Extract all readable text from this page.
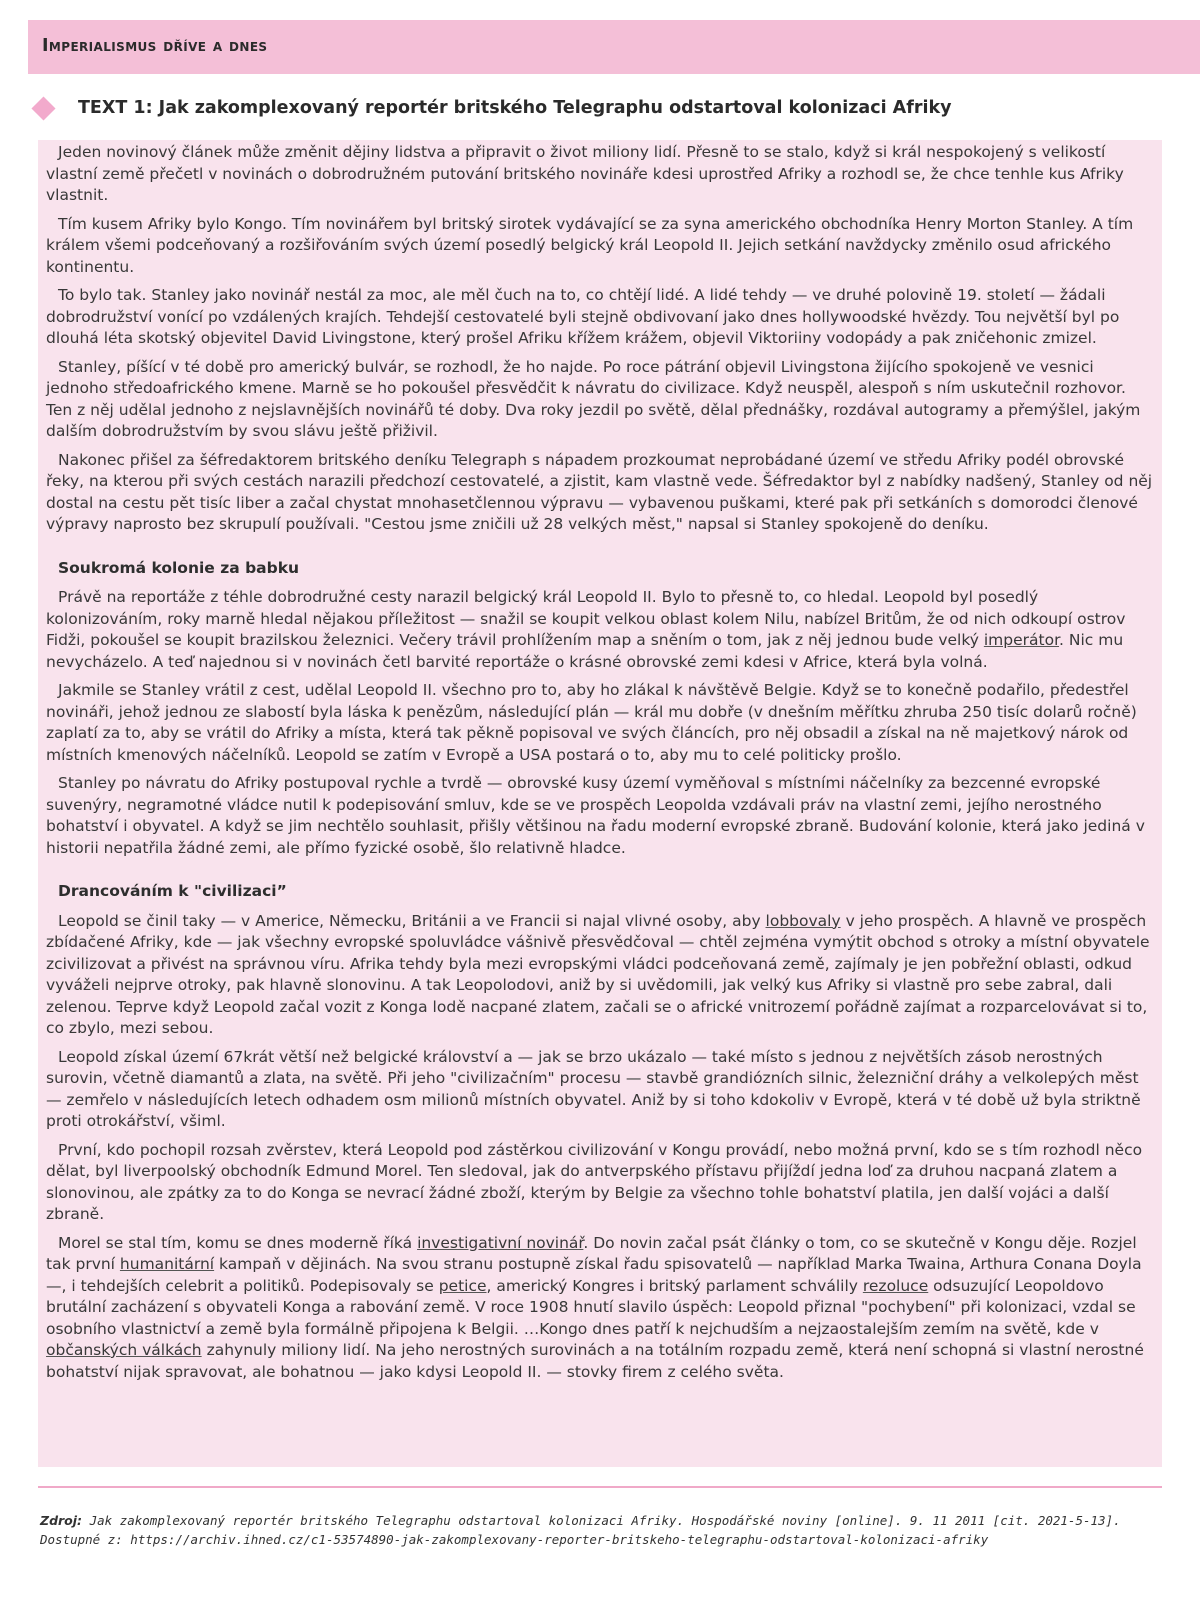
Imperialismus dříve a dnes
TEXT 1: Jak zakomplexovaný reportér britského Telegraphu odstartoval kolonizaci Afriky

Jeden novinový článek může změnit dějiny lidstva a připravit o život miliony lidí. Přesně to se stalo, když si král nespokojený s velikostí vlastní země přečetl v novinách o dobrodružném putování britského novináře kdesi uprostřed Afriky a rozhodl se, že chce tenhle kus Afriky vlastnit.

Tím kusem Afriky bylo Kongo. Tím novinářem byl britský sirotek vydávající se za syna amerického obchodníka Henry Morton Stanley. A tím králem všemi podceňovaný a rozšiřováním svých území posedlý belgický král Leopold II. Jejich setkání navždycky změnilo osud afrického kontinentu.

To bylo tak. Stanley jako novinář nestál za moc, ale měl čuch na to, co chtějí lidé. A lidé tehdy — ve druhé polovině 19. století — žádali dobrodružství vonící po vzdálených krajích. Tehdejší cestovatelé byli stejně obdivovaní jako dnes hollywoodské hvězdy. Tou největší byl po dlouhá léta skotský objevitel David Livingstone, který prošel Afriku křížem krážem, objevil Viktoriiny vodopády a pak zničehonic zmizel.

Stanley, píšící v té době pro americký bulvár, se rozhodl, že ho najde. Po roce pátrání objevil Livingstona žijícího spokojeně ve vesnici jednoho středoafrického kmene. Marně se ho pokoušel přesvědčit k návratu do civilizace. Když neuspěl, alespoň s ním uskutečnil rozhovor. Ten z něj udělal jednoho z nejslavnějších novinářů té doby. Dva roky jezdil po světě, dělal přednášky, rozdával autogramy a přemýšlel, jakým dalším dobrodružstvím by svou slávu ještě přiživil.

Nakonec přišel za šéfredaktorem britského deníku Telegraph s nápadem prozkoumat neprobádané území ve středu Afriky podél obrovské řeky, na kterou při svých cestách narazili předchozí cestovatelé, a zjistit, kam vlastně vede. Šéfredaktor byl z nabídky nadšený, Stanley od něj dostal na cestu pět tisíc liber a začal chystat mnohasetčlennou výpravu — vybavenou puškami, které pak při setkáních s domorodci členové výpravy naprosto bez skrupulí používali. "Cestou jsme zničili už 28 velkých měst," napsal si Stanley spokojeně do deníku.

Soukromá kolonie za babku

Právě na reportáže z téhle dobrodružné cesty narazil belgický král Leopold II. Bylo to přesně to, co hledal. Leopold byl posedlý kolonizováním, roky marně hledal nějakou příležitost — snažil se koupit velkou oblast kolem Nilu, nabízel Britům, že od nich odkoupí ostrov Fidži, pokoušel se koupit brazilskou železnici. Večery trávil prohlížením map a sněním o tom, jak z něj jednou bude velký imperátor. Nic mu nevycházelo. A teď najednou si v novinách četl barvité reportáže o krásné obrovské zemi kdesi v Africe, která byla volná.

Jakmile se Stanley vrátil z cest, udělal Leopold II. všechno pro to, aby ho zlákal k návštěvě Belgie. Když se to konečně podařilo, předestřel novináři, jehož jednou ze slabostí byla láska k penězům, následující plán — král mu dobře (v dnešním měřítku zhruba 250 tisíc dolarů ročně) zaplatí za to, aby se vrátil do Afriky a místa, která tak pěkně popisoval ve svých článcích, pro něj obsadil a získal na ně majetkový nárok od místních kmenových náčelníků. Leopold se zatím v Evropě a USA postará o to, aby mu to celé politicky prošlo.

Stanley po návratu do Afriky postupoval rychle a tvrdě — obrovské kusy území vyměňoval s místními náčelníky za bezcenné evropské suvenýry, negramotné vládce nutil k podepisování smluv, kde se ve prospěch Leopolda vzdávali práv na vlastní zemi, jejího nerostného bohatství i obyvatel. A když se jim nechtělo souhlasit, přišly většinou na řadu moderní evropské zbraně. Budování kolonie, která jako jediná v historii nepatřila žádné zemi, ale přímo fyzické osobě, šlo relativně hladce.

Drancováním k "civilizaci”

Leopold se činil taky — v Americe, Německu, Británii a ve Francii si najal vlivné osoby, aby lobbovaly v jeho prospěch. A hlavně ve prospěch zbídačené Afriky, kde — jak všechny evropské spoluvládce vášnivě přesvědčoval — chtěl zejména vymýtit obchod s otroky a místní obyvatele zcivilizovat a přivést na správnou víru. Afrika tehdy byla mezi evropskými vládci podceňovaná země, zajímaly je jen pobřežní oblasti, odkud vyváželi nejprve otroky, pak hlavně slonovinu. A tak Leopolodovi, aniž by si uvědomili, jak velký kus Afriky si vlastně pro sebe zabral, dali zelenou. Teprve když Leopold začal vozit z Konga lodě nacpané zlatem, začali se o africké vnitrozemí pořádně zajímat a rozparcelovávat si to, co zbylo, mezi sebou.

Leopold získal území 67krát větší než belgické království a — jak se brzo ukázalo — také místo s jednou z největších zásob nerostných surovin, včetně diamantů a zlata, na světě. Při jeho "civilizačním" procesu — stavbě grandiózních silnic, železniční dráhy a velkolepých měst — zemřelo v následujících letech odhadem osm milionů místních obyvatel. Aniž by si toho kdokoliv v Evropě, která v té době už byla striktně proti otrokářství, všiml.

První, kdo pochopil rozsah zvěrstev, která Leopold pod zástěrkou civilizování v Kongu provádí, nebo možná první, kdo se s tím rozhodl něco dělat, byl liverpoolský obchodník Edmund Morel. Ten sledoval, jak do antverpského přístavu přijíždí jedna loď za druhou nacpaná zlatem a slonovinou, ale zpátky za to do Konga se nevrací žádné zboží, kterým by Belgie za všechno tohle bohatství platila, jen další vojáci a další zbraně.

Morel se stal tím, komu se dnes moderně říká investigativní novinář. Do novin začal psát články o tom, co se skutečně v Kongu děje. Rozjel tak první humanitární kampaň v dějinách. Na svou stranu postupně získal řadu spisovatelů — například Marka Twaina, Arthura Conana Doyla —, i tehdejších celebrit a politiků. Podepisovaly se petice, americký Kongres i britský parlament schválily rezoluce odsuzující Leopoldovo brutální zacházení s obyvateli Konga a rabování země. V roce 1908 hnutí slavilo úspěch: Leopold přiznal "pochybení" při kolonizaci, vzdal se osobního vlastnictví a země byla formálně připojena k Belgii. …Kongo dnes patří k nejchudším a nejzaostalejším zemím na světě, kde v občanských válkách zahynuly miliony lidí. Na jeho nerostných surovinách a na totálním rozpadu země, která není schopná si vlastní nerostné bohatství nijak spravovat, ale bohatnou — jako kdysi Leopold II. — stovky firem z celého světa.

Zdroj: Jak zakomplexovaný reportér britského Telegraphu odstartoval kolonizaci Afriky. Hospodářské noviny [online]. 9. 11 2011 [cit. 2021-5-13].
Dostupné z: https://archiv.ihned.cz/c1-53574890-jak-zakomplexovany-reporter-britskeho-telegraphu-odstartoval-kolonizaci-afriky
